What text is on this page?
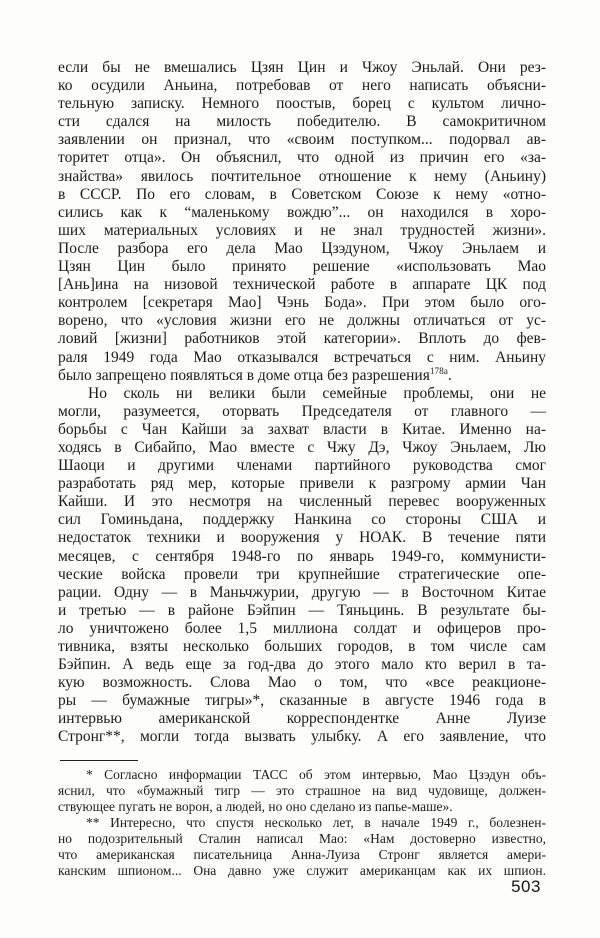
если бы не вмешались Цзян Цин и Чжоу Эньлай. Они рез-
ко осудили Аньина, потребовав от него написать объясни-
тельную записку. Немного поостыв, борец с культом лично-
сти сдался на милость победителю. В самокритичном
заявлении он признал, что «своим поступком... подорвал ав-
торитет отца». Он объяснил, что одной из причин его «за-
знайства» явилось почтительное отношение к нему (Аньину)
в СССР. По его словам, в Советском Союзе к нему «отно-
сились как к “маленькому вождю”... он находился в хоро-
ших материальных условиях и не знал трудностей жизни».
После разбора его дела Мао Цзэдуном, Чжоу Эньлаем и
Цзян Цин было принято решение «использовать Мао
[Ань]ина на низовой технической работе в аппарате ЦК под
контролем [секретаря Мао] Чэнь Бода». При этом было ого-
ворено, что «условия жизни его не должны отличаться от ус-
ловий [жизни] работников этой категории». Вплоть до фев-
раля 1949 года Мао отказывался встречаться с ним. Аньину
было запрещено появляться в доме отца без разрешения$^{178a}$.
Но сколь ни велики были семейные проблемы, они не
могли, разумеется, оторвать Председателя от главного —
борьбы с Чан Кайши за захват власти в Китае. Именно на-
ходясь в Сибайпо, Мао вместе с Чжу Дэ, Чжоу Эньлаем, Лю
Шаоци и другими членами партийного руководства смог
разработать ряд мер, которые привели к разгрому армии Чан
Кайши. И это несмотря на численный перевес вооруженных
сил Гоминьдана, поддержку Нанкина со стороны США и
недостаток техники и вооружения у НОАК. В течение пяти
месяцев, с сентября 1948-го по январь 1949-го, коммунисти-
ческие войска провели три крупнейшие стратегические опе-
рации. Одну — в Маньчжурии, другую — в Восточном Китае
и третью — в районе Бэйпин — Тяньцинь. В результате бы-
ло уничтожено более 1,5 миллиона солдат и офицеров про-
тивника, взяты несколько больших городов, в том числе сам
Бэйпин. А ведь еще за год-два до этого мало кто верил в та-
кую возможность. Слова Мао о том, что «все реакционе-
ры — бумажные тигры»*, сказанные в августе 1946 года в
интервью американской корреспондентке Анне Луизе
Стронг**, могли тогда вызвать улыбку. А его заявление, что
* Согласно информации ТАСС об этом интервью, Мао Цзэдун объ-
яснил, что «бумажный тигр — это страшное на вид чудовище, должен-
ствующее пугать не ворон, а людей, но оно сделано из папье-маше».
** Интересно, что спустя несколько лет, в начале 1949 г., болезнен-
но подозрительный Сталин написал Мао: «Нам достоверно известно,
что американская писательница Анна-Луиза Стронг является амери-
канским шпионом... Она давно уже служит американцам как их шпион.
503
